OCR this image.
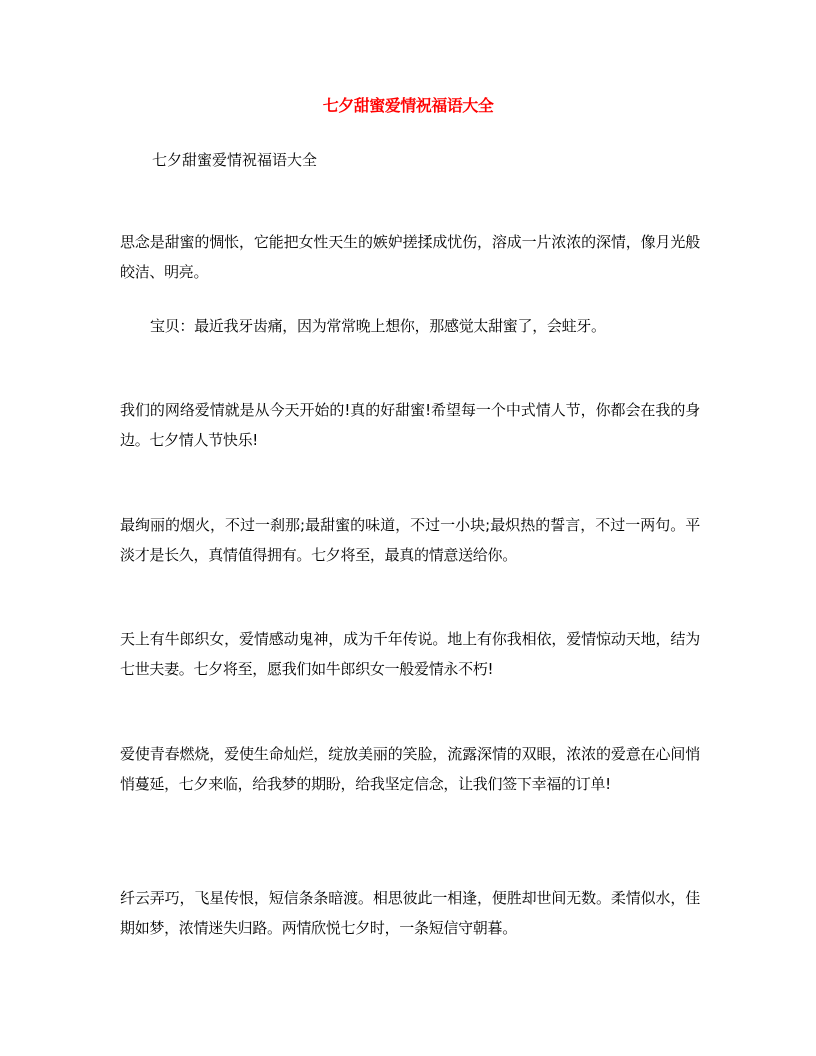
七夕甜蜜爱情祝福语大全
七夕甜蜜爱情祝福语大全
思念是甜蜜的惆怅，它能把女性天生的嫉妒搓揉成忧伤，溶成一片浓浓的深情，像月光般皎洁、明亮。
宝贝：最近我牙齿痛，因为常常晚上想你，那感觉太甜蜜了，会蛀牙。
我们的网络爱情就是从今天开始的!真的好甜蜜!希望每一个中式情人节，你都会在我的身边。七夕情人节快乐!
最绚丽的烟火，不过一刹那;最甜蜜的味道，不过一小块;最炽热的誓言，不过一两句。平淡才是长久，真情值得拥有。七夕将至，最真的情意送给你。
天上有牛郎织女，爱情感动鬼神，成为千年传说。地上有你我相依，爱情惊动天地，结为七世夫妻。七夕将至，愿我们如牛郎织女一般爱情永不朽!
爱使青春燃烧，爱使生命灿烂，绽放美丽的笑脸，流露深情的双眼，浓浓的爱意在心间悄悄蔓延，七夕来临，给我梦的期盼，给我坚定信念，让我们签下幸福的订单!
纤云弄巧，飞星传恨，短信条条暗渡。相思彼此一相逢，便胜却世间无数。柔情似水，佳期如梦，浓情迷失归路。两情欣悦七夕时，一条短信守朝暮。
